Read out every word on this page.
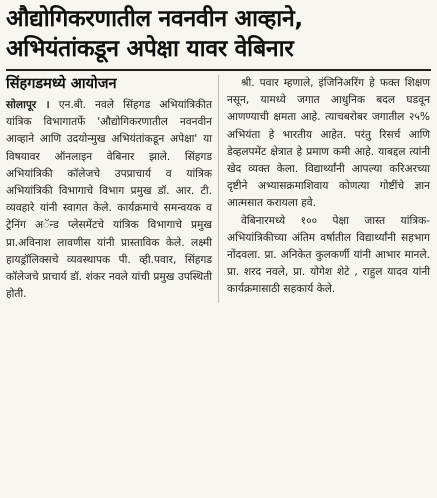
औद्योगिकरणातील नवनवीन आव्हाने,
अभियंतांकडून अपेक्षा यावर वेबिनार
सिंहगडमध्ये आयोजन
सोलापूर । एन.बी. नवले सिंहगड अभियांत्रिकीत यांत्रिक विभागातर्फे 'औद्योगिकरणातील नवनवीन आव्हाने आणि उदयोन्मुख अभियंतांकडून अपेक्षा' या विषयावर ऑनलाइन वेबिनार झाले. सिंहगड अभियांत्रिकी कॉलेजचे उपप्राचार्य व यांत्रिक अभियांत्रिकी विभागाचे विभाग प्रमुख डॉ. आर. टी. व्यवहारे यांनी स्वागत केले. कार्यक्रमाचे समन्वयक व ट्रेनिंग अॅन्ड प्लेसमेंटचे यांत्रिक विभागाचे प्रमुख प्रा.अविनाश लावणीस यांनी प्रास्ताविक केले. लक्ष्मी हायड्रॉलिक्सचे व्यवस्थापक पी. व्ही.पवार, सिंहगड कॉलेजचे प्राचार्य डॉ. शंकर नवले यांची प्रमुख उपस्थिती होती.

श्री. पवार म्हणाले, इंजिनिअरिंग हे फक्त शिक्षण नसून, यामध्ये जगात आधुनिक बदल घडवून आणण्याची क्षमता आहे. त्याचबरोबर जगातील २५% अभियंता हे भारतीय आहेत. परंतु रिसर्च आणि डेव्हलपमेंट क्षेत्रात हे प्रमाण कमी आहे. याबद्दल त्यांनी खेद व्यक्त केला. विद्यार्थ्यांनी आपल्या करिअरच्या दृष्टीने अभ्यासक्रमाशिवाय कोणत्या गोष्टींचे ज्ञान आत्मसात करायला हवे.

वेबिनारमध्ये १०० पेक्षा जास्त यांत्रिक-अभियांत्रिकीच्या अंतिम वर्षातील विद्यार्थ्यांनी सहभाग नोंदवला. प्रा. अनिकेत कुलकर्णी यांनी आभार मानले. प्रा. शरद नवले, प्रा. योगेश शेटे , राहुल यादव यांनी कार्यक्रमासाठी सहकार्य केले.
